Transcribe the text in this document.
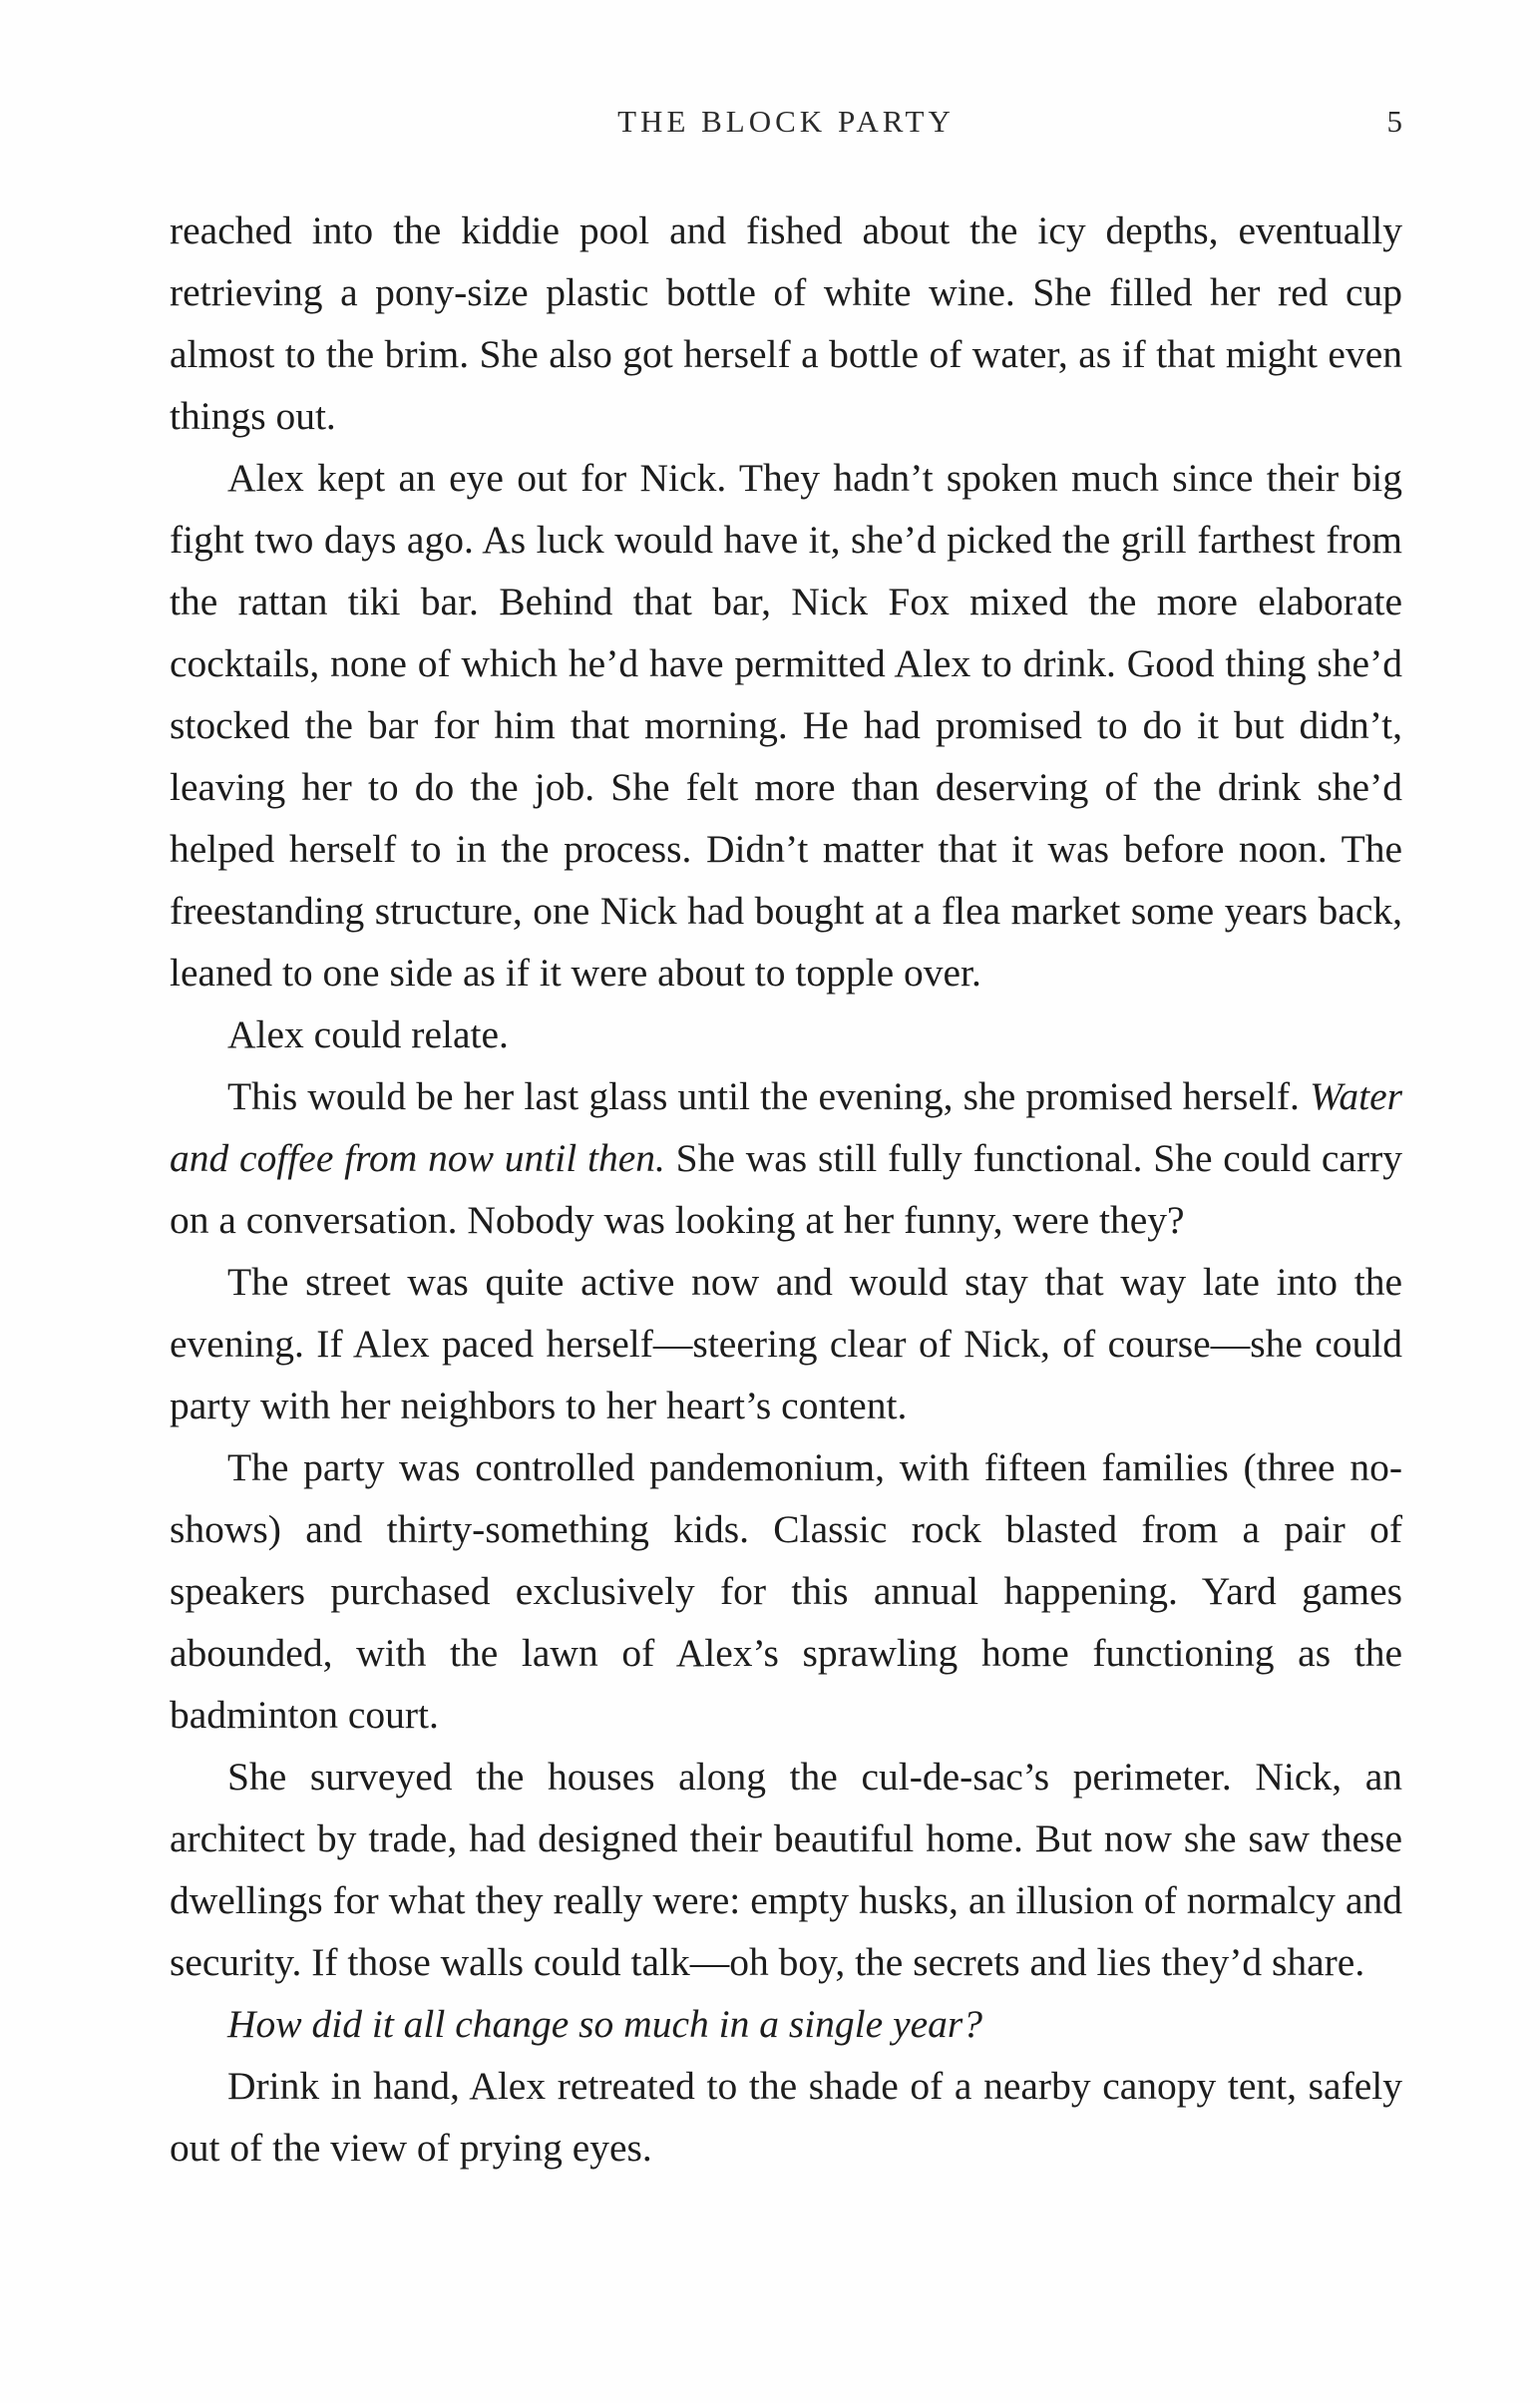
THE BLOCK PARTY	5

reached into the kiddie pool and fished about the icy depths, eventually retrieving a pony-size plastic bottle of white wine. She filled her red cup almost to the brim. She also got herself a bottle of water, as if that might even things out.

Alex kept an eye out for Nick. They hadn’t spoken much since their big fight two days ago. As luck would have it, she’d picked the grill farthest from the rattan tiki bar. Behind that bar, Nick Fox mixed the more elaborate cocktails, none of which he’d have permitted Alex to drink. Good thing she’d stocked the bar for him that morning. He had promised to do it but didn’t, leaving her to do the job. She felt more than deserving of the drink she’d helped herself to in the process. Didn’t matter that it was before noon. The freestanding structure, one Nick had bought at a flea market some years back, leaned to one side as if it were about to topple over.

Alex could relate.

This would be her last glass until the evening, she promised herself. Water and coffee from now until then. She was still fully functional. She could carry on a conversation. Nobody was looking at her funny, were they?

The street was quite active now and would stay that way late into the evening. If Alex paced herself—steering clear of Nick, of course—she could party with her neighbors to her heart’s content.

The party was controlled pandemonium, with fifteen families (three no-shows) and thirty-something kids. Classic rock blasted from a pair of speakers purchased exclusively for this annual happening. Yard games abounded, with the lawn of Alex’s sprawling home functioning as the badminton court.

She surveyed the houses along the cul-de-sac’s perimeter. Nick, an architect by trade, had designed their beautiful home. But now she saw these dwellings for what they really were: empty husks, an illusion of normalcy and security. If those walls could talk—oh boy, the secrets and lies they’d share.

How did it all change so much in a single year?

Drink in hand, Alex retreated to the shade of a nearby canopy tent, safely out of the view of prying eyes.
